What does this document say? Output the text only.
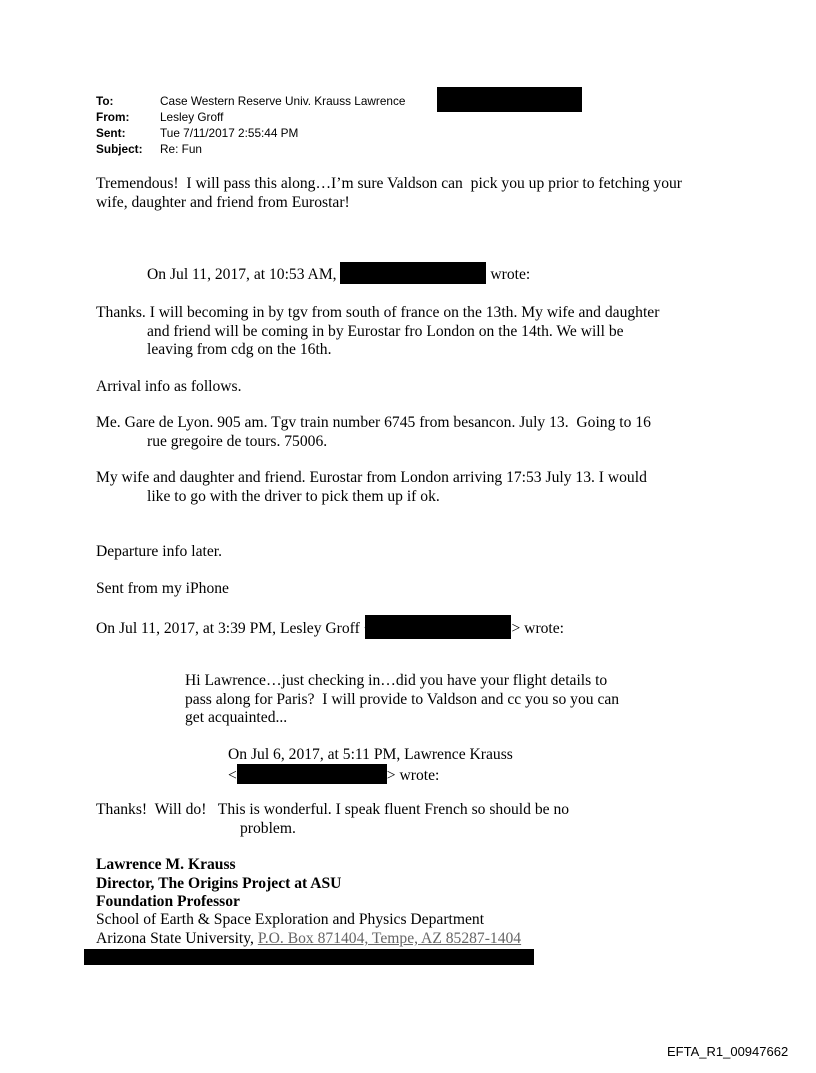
To:	Case Western Reserve Univ. Krauss Lawrence
From:	Lesley Groff
Sent:	Tue 7/11/2017 2:55:44 PM
Subject: Re: Fun
Tremendous!  I will pass this along…I’m sure Valdson can  pick you up prior to fetching your
wife, daughter and friend from Eurostar!
On Jul 11, 2017, at 10:53 AM,	wrote:
Thanks. I will becoming in by tgv from south of france on the 13th. My wife and daughter
and friend will be coming in by Eurostar fro London on the 14th. We will be
leaving from cdg on the 16th.
Arrival info as follows.
Me. Gare de Lyon. 905 am. Tgv train number 6745 from besancon. July 13.  Going to 16
rue gregoire de tours. 75006.
My wife and daughter and friend. Eurostar from London arriving 17:53 July 13. I would
like to go with the driver to pick them up if ok.
Departure info later.
Sent from my iPhone
On Jul 11, 2017, at 3:39 PM, Lesley Groff	> wrote:
Hi Lawrence…just checking in…did you have your flight details to
pass along for Paris?  I will provide to Valdson and cc you so you can
get acquainted...
On Jul 6, 2017, at 5:11 PM, Lawrence Krauss
<	> wrote:
Thanks!  Will do!   This is wonderful. I speak fluent French so should be no
problem.
Lawrence M. Krauss
Director, The Origins Project at ASU
Foundation Professor
School of Earth & Space Exploration and Physics Department
Arizona State University, P.O. Box 871404, Tempe, AZ 85287-1404
EFTA_R1_00947662
